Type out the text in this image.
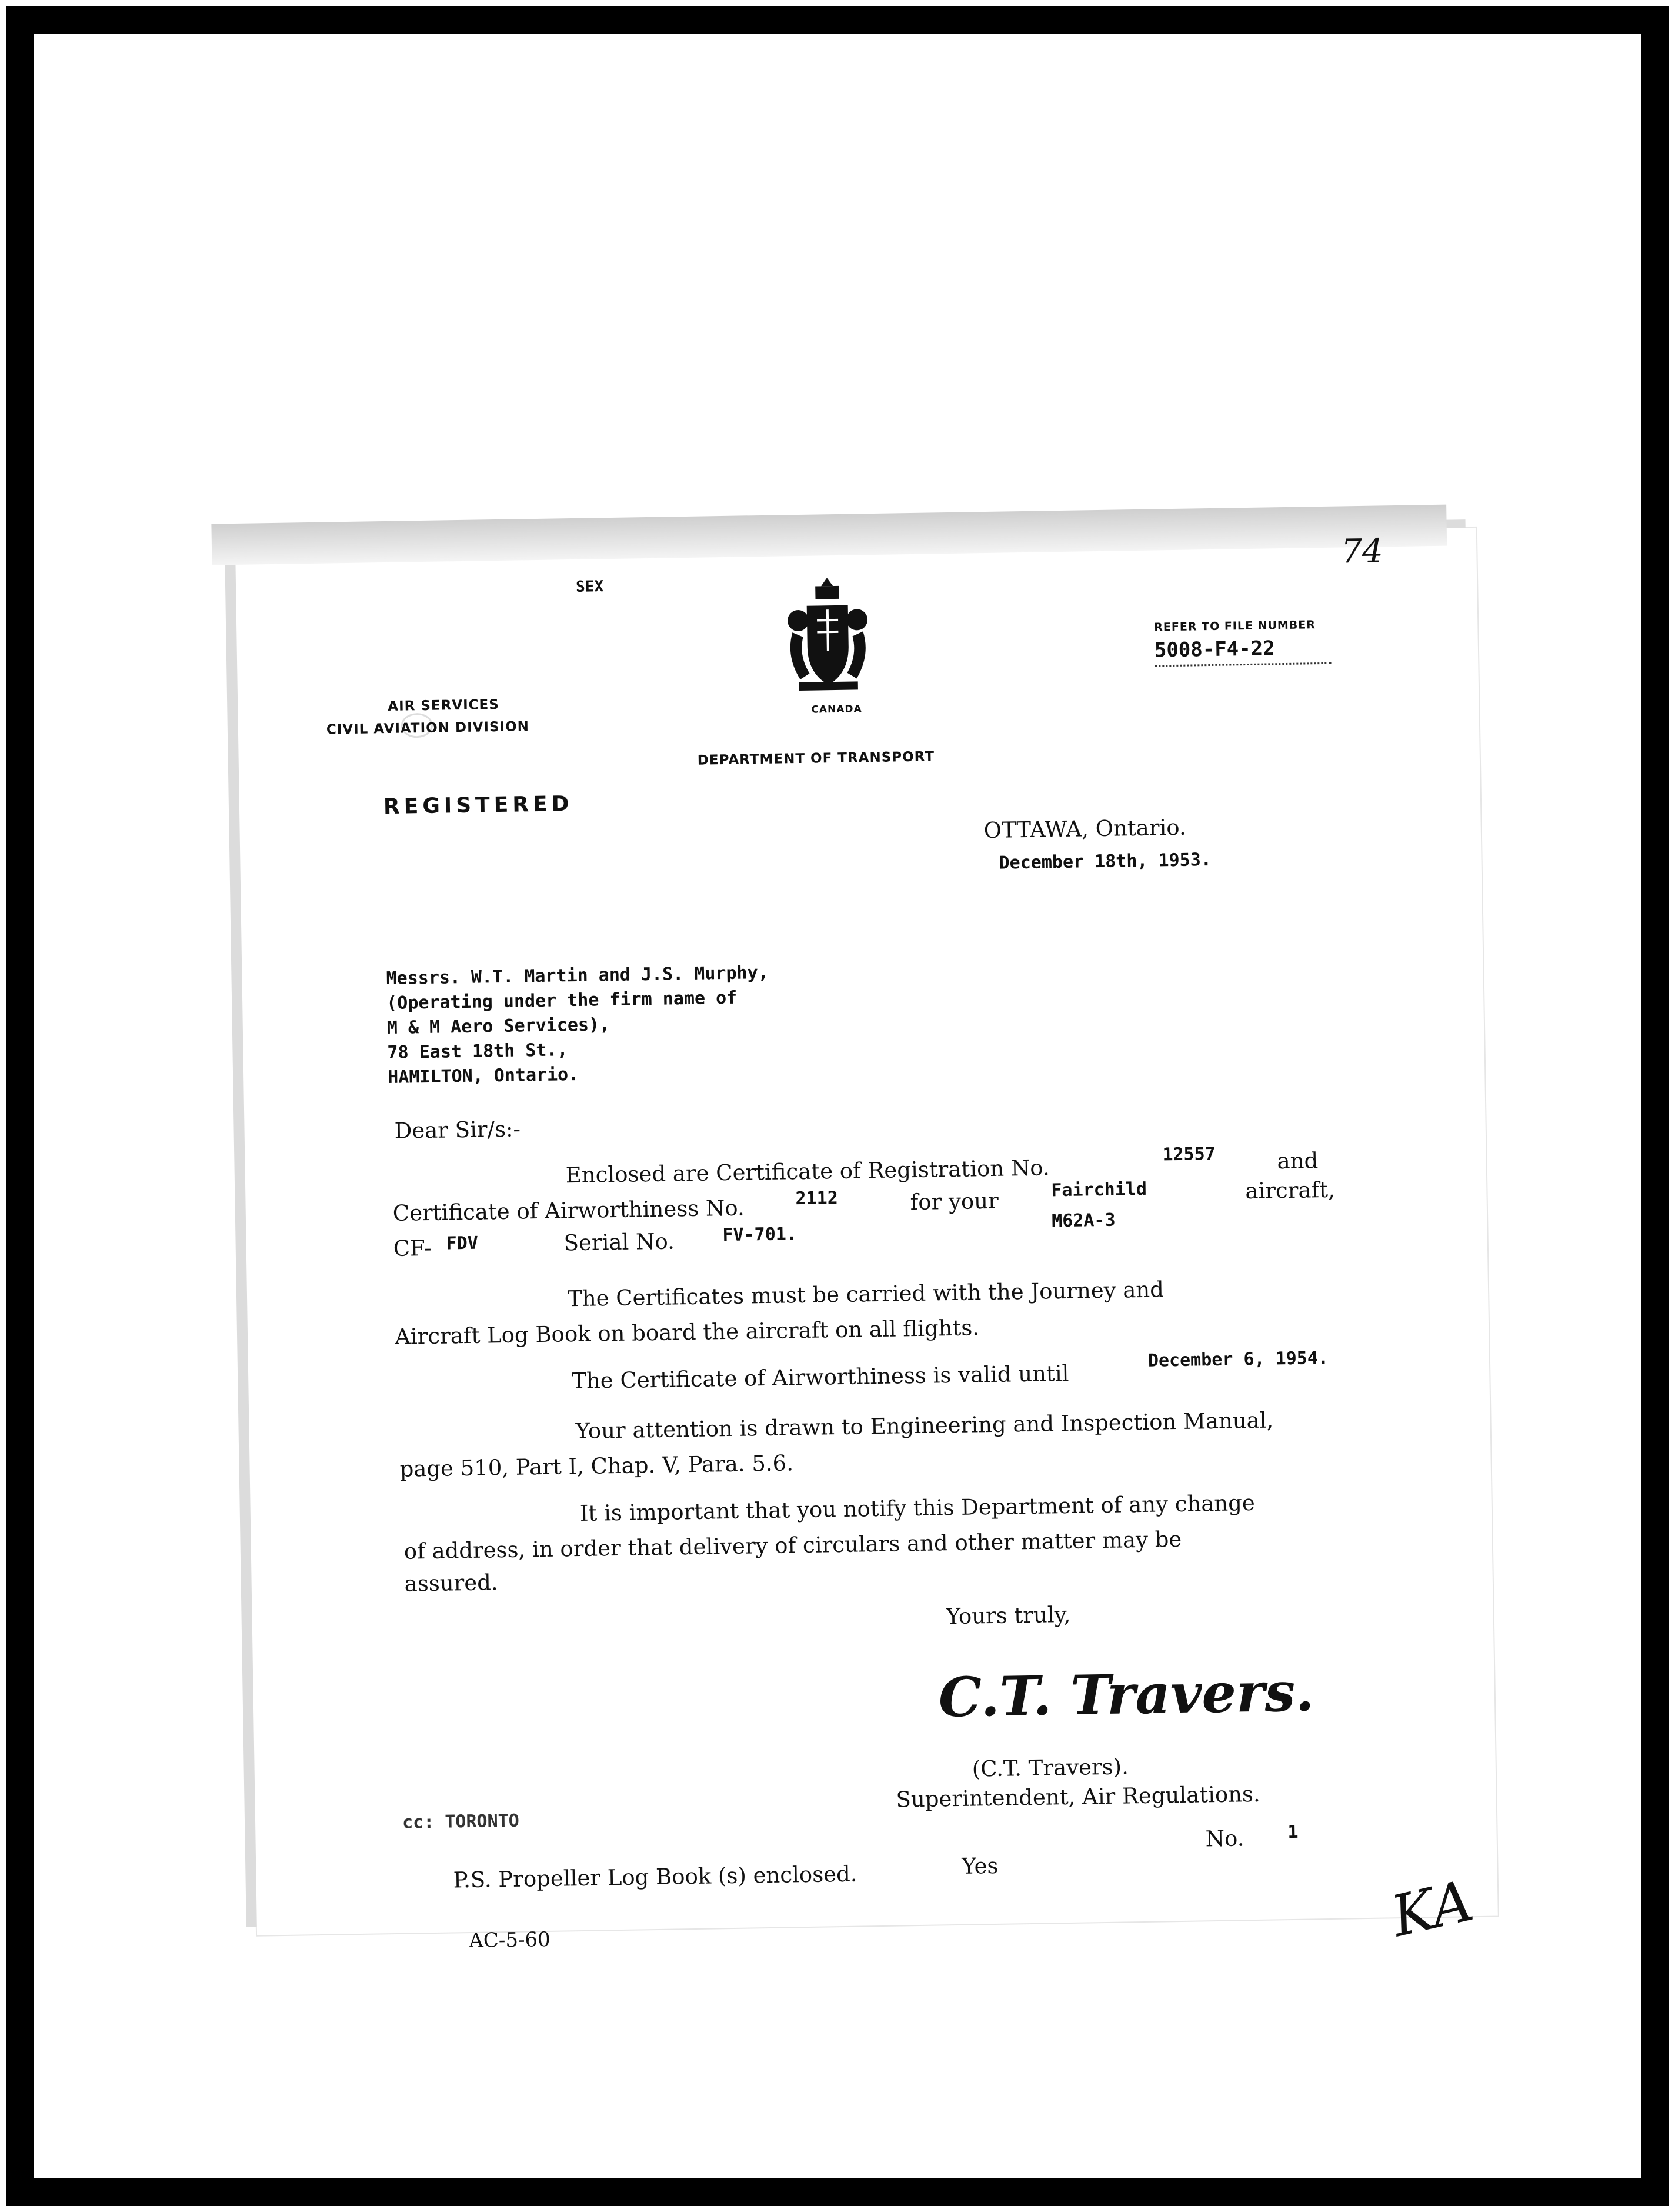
SEX
AIR SERVICES
CIVIL AVIATION DIVISION
CANADA
DEPARTMENT OF TRANSPORT
74
REFER TO FILE NUMBER
5008-F4-22
REGISTERED
OTTAWA, Ontario.
December 18th, 1953.
Messrs. W.T. Martin and J.S. Murphy,
(Operating under the firm name of
M & M Aero Services),
78 East 18th St.,
HAMILTON, Ontario.
Dear Sir/s:-
Enclosed are Certificate of Registration No.
12557	and
Certificate of Airworthiness No.	2112	for your	Fairchild	aircraft,
CF- FDV	Serial No.	FV-701.
M62A-3
The Certificates must be carried with the Journey and
Aircraft Log Book on board the aircraft on all flights.
The Certificate of Airworthiness is valid until
December 6, 1954.
Your attention is drawn to Engineering and Inspection Manual,
page 510, Part I, Chap. V, Para. 5.6.
It is important that you notify this Department of any change
of address, in order that delivery of circulars and other matter may be
assured.
Yours truly,
C.T. Travers.
(C.T. Travers).
Superintendent, Air Regulations.
cc: TORONTO
No. 1
P.S. Propeller Log Book (s) enclosed.	Yes
AC-5-60	KA
